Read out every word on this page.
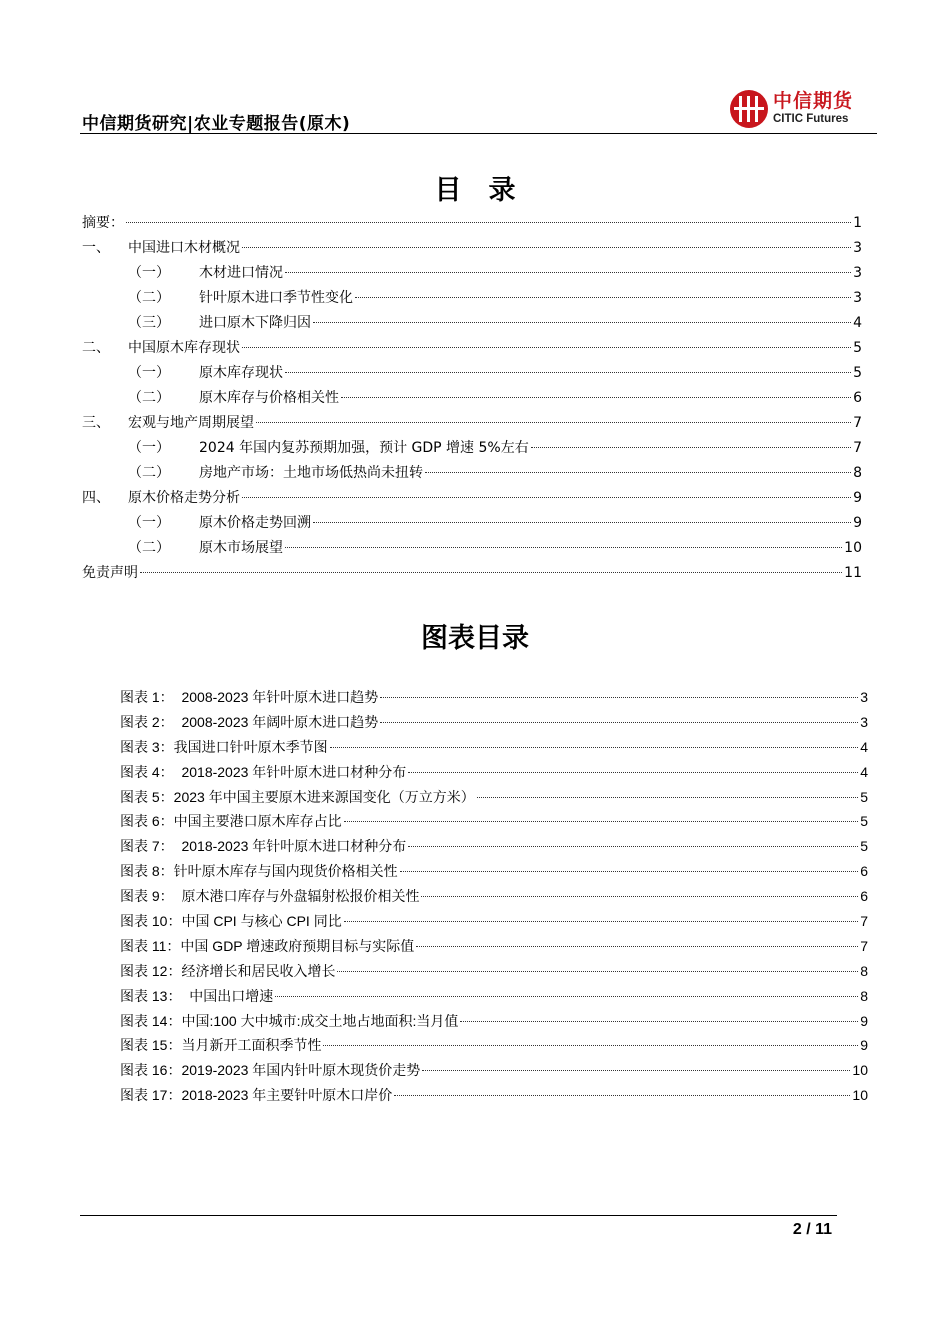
中信期货研究|农业专题报告(原木)
中信期货
CITIC Futures
目　录
摘要：	1
一、	中国进口木材概况	3
（一）	木材进口情况	3
（二）	针叶原木进口季节性变化	3
（三）	进口原木下降归因	4
二、	中国原木库存现状	5
（一）	原木库存现状	5
（二）	原木库存与价格相关性	6
三、	宏观与地产周期展望	7
（一）	2024 年国内复苏预期加强，预计 GDP 增速 5%左右	7
（二）	房地产市场：土地市场低热尚未扭转	8
四、	原木价格走势分析	9
（一）	原木价格走势回溯	9
（二）	原木市场展望	10
免责声明	11
图表目录
图表 1：  2008-2023 年针叶原木进口趋势	3
图表 2：  2008-2023 年阔叶原木进口趋势	3
图表 3：我国进口针叶原木季节图	4
图表 4：  2018-2023 年针叶原木进口材种分布	4
图表 5：2023 年中国主要原木进来源国变化（万立方米）	5
图表 6：中国主要港口原木库存占比	5
图表 7：  2018-2023 年针叶原木进口材种分布	5
图表 8：针叶原木库存与国内现货价格相关性	6
图表 9：  原木港口库存与外盘辐射松报价相关性	6
图表 10：中国 CPI 与核心 CPI 同比	7
图表 11：中国 GDP 增速政府预期目标与实际值	7
图表 12：经济增长和居民收入增长	8
图表 13：  中国出口增速	8
图表 14：中国:100 大中城市:成交土地占地面积:当月值	9
图表 15：当月新开工面积季节性	9
图表 16：2019-2023 年国内针叶原木现货价走势	10
图表 17：2018-2023 年主要针叶原木口岸价	10
2 / 11
